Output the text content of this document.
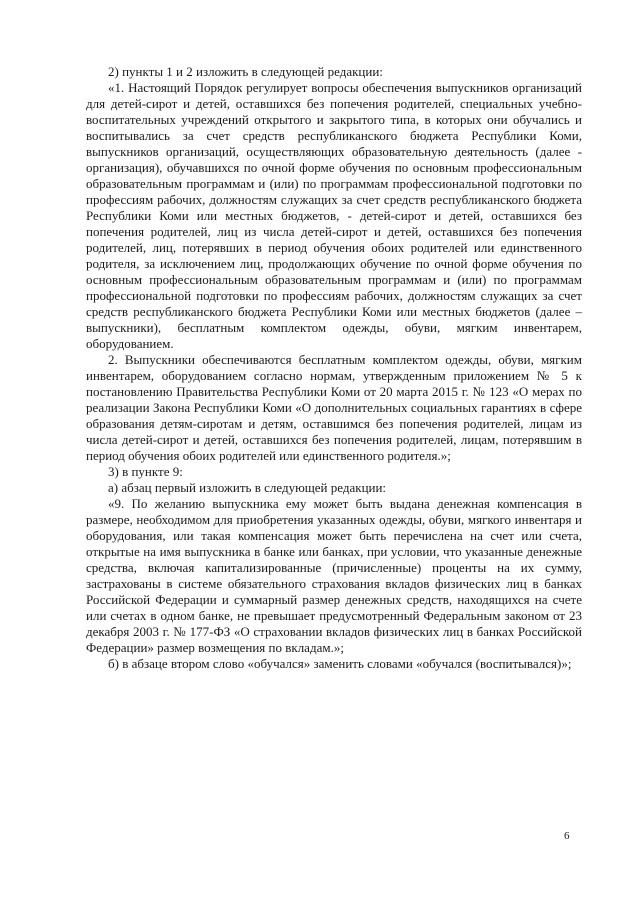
2) пункты 1 и 2 изложить в следующей редакции:

«1. Настоящий Порядок регулирует вопросы обеспечения выпускников организаций для детей-сирот и детей, оставшихся без попечения родителей, специальных учебно-воспитательных учреждений открытого и закрытого типа, в которых они обучались и воспитывались за счет средств республиканского бюджета Республики Коми, выпускников организаций, осуществляющих образовательную деятельность (далее - организация), обучавшихся по очной форме обучения по основным профессиональным образовательным программам и (или) по программам профессиональной подготовки по профессиям рабочих, должностям служащих за счет средств республиканского бюджета Республики Коми или местных бюджетов, - детей-сирот и детей, оставшихся без попечения родителей, лиц из числа детей-сирот и детей, оставшихся без попечения родителей, лиц, потерявших в период обучения обоих родителей или единственного родителя, за исключением лиц, продолжающих обучение по очной форме обучения по основным профессиональным образовательным программам и (или) по программам профессиональной подготовки по профессиям рабочих, должностям служащих за счет средств республиканского бюджета Республики Коми или местных бюджетов (далее – выпускники), бесплатным комплектом одежды, обуви, мягким инвентарем, оборудованием.

2. Выпускники обеспечиваются бесплатным комплектом одежды, обуви, мягким инвентарем, оборудованием согласно нормам, утвержденным приложением № 5 к постановлению Правительства Республики Коми от 20 марта 2015 г. № 123 «О мерах по реализации Закона Республики Коми «О дополнительных социальных гарантиях в сфере образования детям-сиротам и детям, оставшимся без попечения родителей, лицам из числа детей-сирот и детей, оставшихся без попечения родителей, лицам, потерявшим в период обучения обоих родителей или единственного родителя.»;

3) в пункте 9:

а) абзац первый изложить в следующей редакции:

«9. По желанию выпускника ему может быть выдана денежная компенсация в размере, необходимом для приобретения указанных одежды, обуви, мягкого инвентаря и оборудования, или такая компенсация может быть перечислена на счет или счета, открытые на имя выпускника в банке или банках, при условии, что указанные денежные средства, включая капитализированные (причисленные) проценты на их сумму, застрахованы в системе обязательного страхования вкладов физических лиц в банках Российской Федерации и суммарный размер денежных средств, находящихся на счете или счетах в одном банке, не превышает предусмотренный Федеральным законом от 23 декабря 2003 г. № 177-ФЗ «О страховании вкладов физических лиц в банках Российской Федерации» размер возмещения по вкладам.»;

б) в абзаце втором слово «обучался» заменить словами «обучался (воспитывался)»;

6
